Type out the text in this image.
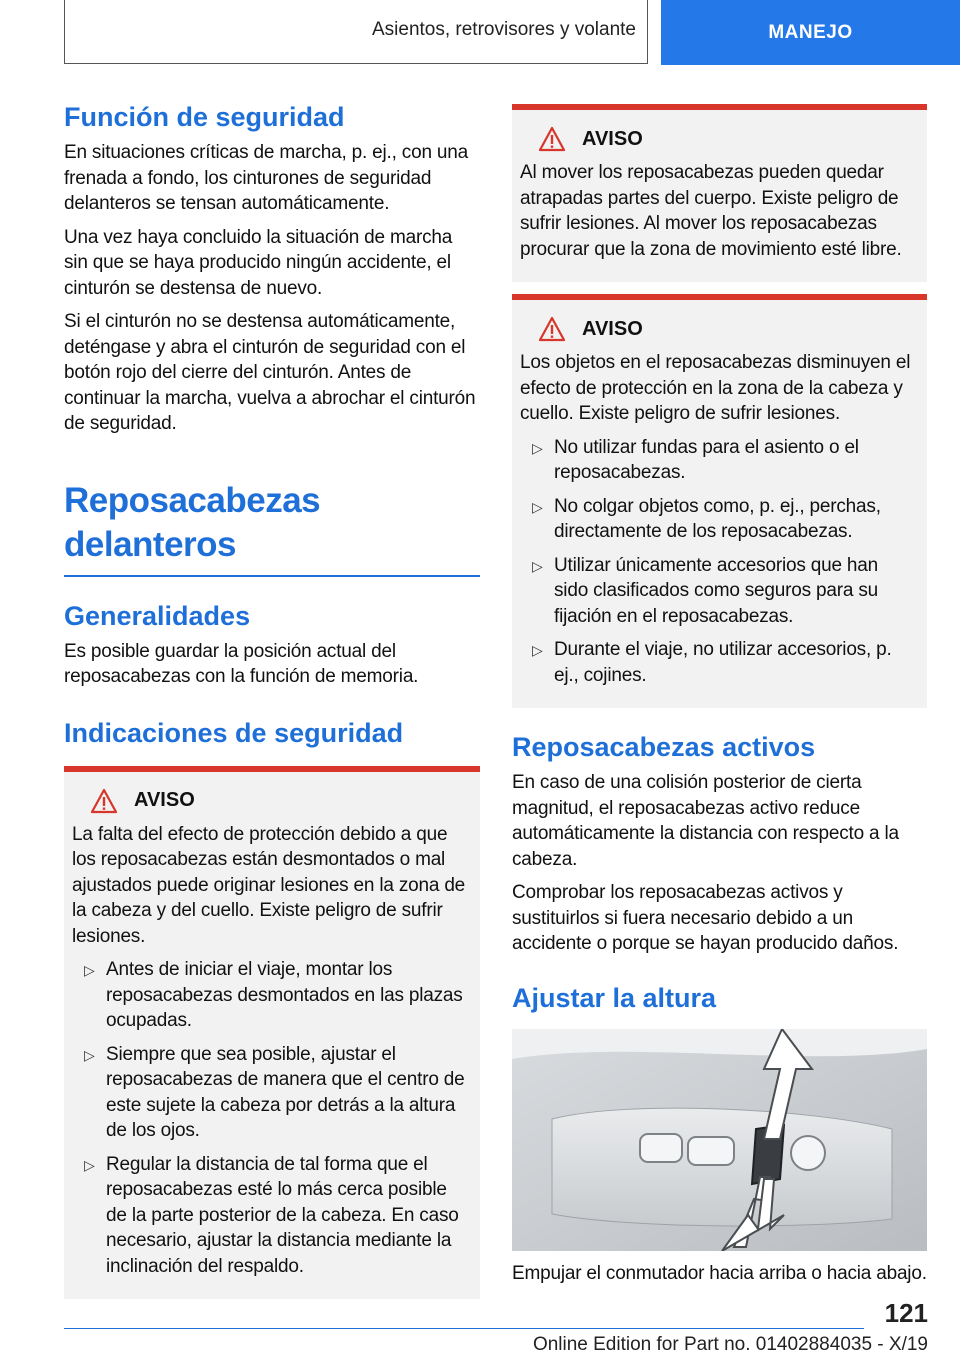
Asientos, retrovisores y volante	MANEJO
Función de seguridad

En situaciones críticas de marcha, p. ej., con una frenada a fondo, los cinturones de seguridad delanteros se tensan automáticamente.

Una vez haya concluido la situación de marcha sin que se haya producido ningún accidente, el cinturón se destensa de nuevo.

Si el cinturón no se destensa automáticamente, deténgase y abra el cinturón de seguridad con el botón rojo del cierre del cinturón. Antes de continuar la marcha, vuelva a abrochar el cinturón de seguridad.

Reposacabezas delanteros
Generalidades

Es posible guardar la posición actual del reposacabezas con la función de memoria.

Indicaciones de seguridad
AVISO

La falta del efecto de protección debido a que los reposacabezas están desmontados o mal ajustados puede originar lesiones en la zona de la cabeza y del cuello. Existe peligro de sufrir lesiones.

▷ Antes de iniciar el viaje, montar los reposacabezas desmontados en las plazas ocupadas.
▷ Siempre que sea posible, ajustar el reposacabezas de manera que el centro de este sujete la cabeza por detrás a la altura de los ojos.
▷ Regular la distancia de tal forma que el reposacabezas esté lo más cerca posible de la parte posterior de la cabeza. En caso necesario, ajustar la distancia mediante la inclinación del respaldo.
AVISO

Al mover los reposacabezas pueden quedar atrapadas partes del cuerpo. Existe peligro de sufrir lesiones. Al mover los reposacabezas procurar que la zona de movimiento esté libre.

AVISO

Los objetos en el reposacabezas disminuyen el efecto de protección en la zona de la cabeza y cuello. Existe peligro de sufrir lesiones.

▷ No utilizar fundas para el asiento o el reposacabezas.
▷ No colgar objetos como, p. ej., perchas, directamente de los reposacabezas.
▷ Utilizar únicamente accesorios que han sido clasificados como seguros para su fijación en el reposacabezas.
▷ Durante el viaje, no utilizar accesorios, p. ej., cojines.
Reposacabezas activos

En caso de una colisión posterior de cierta magnitud, el reposacabezas activo reduce automáticamente la distancia con respecto a la cabeza.

Comprobar los reposacabezas activos y sustituirlos si fuera necesario debido a un accidente o porque se hayan producido daños.

Ajustar la altura

Empujar el conmutador hacia arriba o hacia abajo.

121
Online Edition for Part no. 01402884035 - X/19
